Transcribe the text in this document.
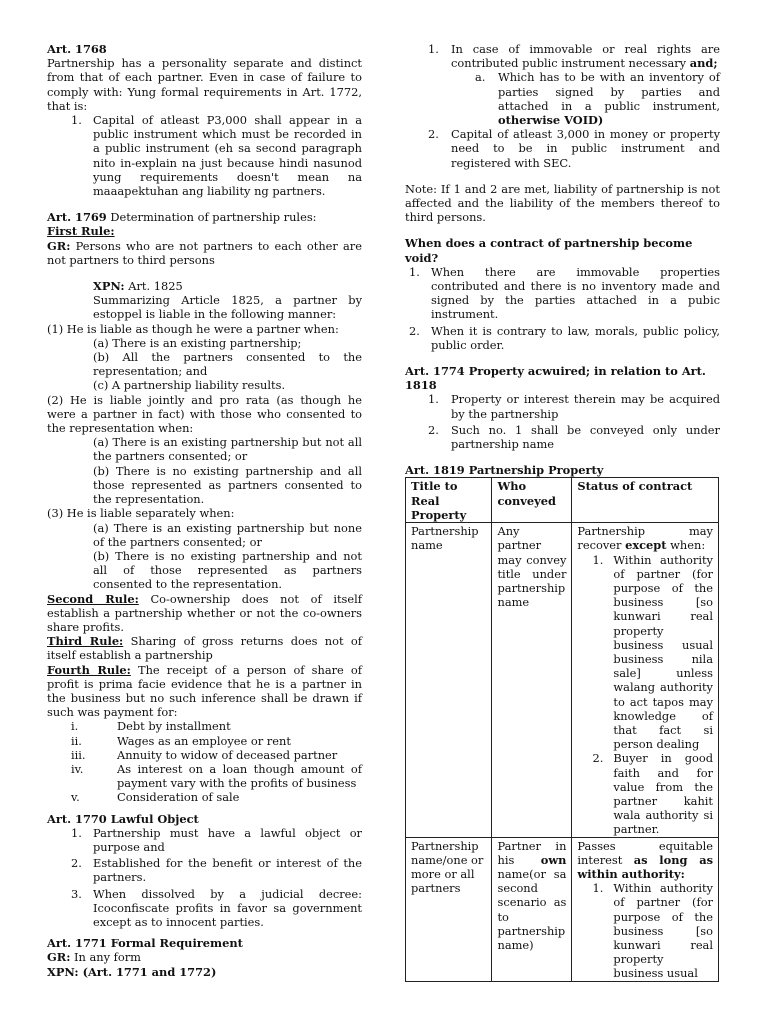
Art. 1768

Partnership has a personality separate and distinct from that of each partner. Even in case of failure to comply with: Yung formal requirements in Art. 1772, that is:

1. Capital of atleast P3,000 shall appear in a public instrument which must be recorded in a public instrument (eh sa second paragraph nito in-explain na just because hindi nasunod yung requirements doesn't mean na maaapektuhan ang liability ng partners.

Art. 1769 Determination of partnership rules:

First Rule:

GR: Persons who are not partners to each other are not partners to third persons

XPN: Art. 1825

Summarizing Article 1825, a partner by estoppel is liable in the following manner:

(1) He is liable as though he were a partner when:

(a) There is an existing partnership;

(b) All the partners consented to the representation; and

(c) A partnership liability results.

(2) He is liable jointly and pro rata (as though he were a partner in fact) with those who consented to the representation when:

(a) There is an existing partnership but not all the partners consented; or

(b) There is no existing partnership and all those represented as partners consented to the representation.

(3) He is liable separately when:

(a) There is an existing partnership but none of the partners consented; or

(b) There is no existing partnership and not all of those represented as partners consented to the representation.

Second Rule: Co-ownership does not of itself establish a partnership whether or not the co-owners share profits.

Third Rule: Sharing of gross returns does not of itself establish a partnership

Fourth Rule: The receipt of a person of share of profit is prima facie evidence that he is a partner in the business but no such inference shall be drawn if such was payment for:

i.	Debt by installment
ii.	Wages as an employee or rent
iii.	Annuity to widow of deceased partner
iv.	As interest on a loan though amount of payment vary with the profits of business
v.	Consideration of sale

Art. 1770 Lawful Object

1. Partnership must have a lawful object or purpose and
2. Established for the benefit or interest of the partners.
3. When dissolved by a judicial decree: Icoconfiscate profits in favor sa government except as to innocent parties.

Art. 1771 Formal Requirement

GR: In any form

XPN: (Art. 1771 and 1772)

1.	In case of immovable or real rights are contributed public instrument necessary and;
a.	Which has to be with an inventory of parties signed by parties and attached in a public instrument, otherwise VOID)
2.	Capital of atleast 3,000 in money or property need to be in public instrument and registered with SEC.

Note: If 1 and 2 are met, liability of partnership is not affected and the liability of the members thereof to third persons.

When does a contract of partnership become void?

1. When there are immovable properties contributed and there is no inventory made and signed by the parties attached in a pubic instrument.
2. When it is contrary to law, morals, public policy, public order.

Art. 1774 Property acwuired; in relation to Art. 1818

1.	Property or interest therein may be acquired by the partnership
2.	Such no. 1 shall be conveyed only under partnership name

Art. 1819 Partnership Property

Title to Real Property	Who conveyed	Status of contract
Partnership name	Any partner may convey title under partnership name	Partnership may recover except when:
1. Within authority of partner (for purpose of the business [so kunwari real property business usual business nila sale] unless walang authority to act tapos may knowledge of that fact si person dealing
2. Buyer in good faith and for value from the partner kahit wala authority si partner.

Partnership name/one or more or all partners	Partner in his own name(or sa second scenario as to partnership name)	Passes equitable interest as long as within authority:
1. Within authority of partner (for purpose of the business [so kunwari real property business usual
